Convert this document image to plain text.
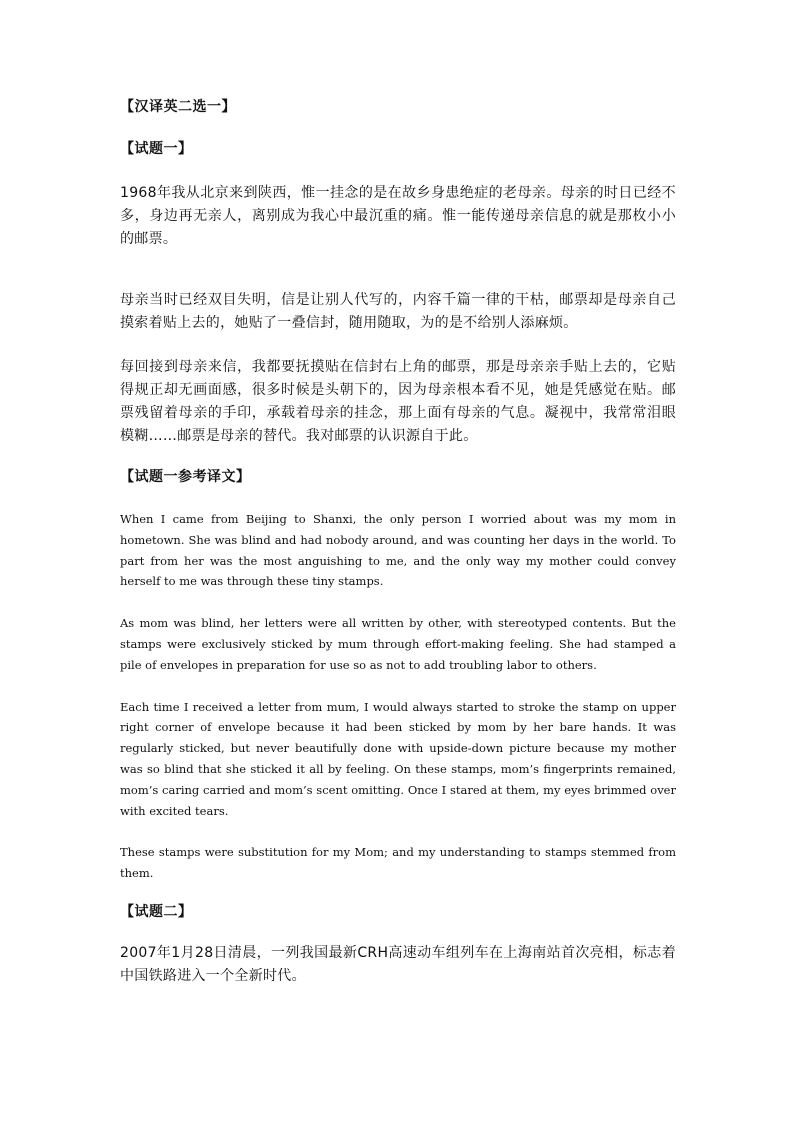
【汉译英二选一】

【试题一】

1968年我从北京来到陕西，惟一挂念的是在故乡身患绝症的老母亲。母亲的时日已经不多，身边再无亲人，离别成为我心中最沉重的痛。惟一能传递母亲信息的就是那枚小小的邮票。

母亲当时已经双目失明，信是让别人代写的，内容千篇一律的干枯，邮票却是母亲自己摸索着贴上去的，她贴了一叠信封，随用随取，为的是不给别人添麻烦。

每回接到母亲来信，我都要抚摸贴在信封右上角的邮票，那是母亲亲手贴上去的，它贴得规正却无画面感，很多时候是头朝下的，因为母亲根本看不见，她是凭感觉在贴。邮票残留着母亲的手印，承载着母亲的挂念，那上面有母亲的气息。凝视中，我常常泪眼模糊……邮票是母亲的替代。我对邮票的认识源自于此。

【试题一参考译文】

When I came from Beijing to Shanxi, the only person I worried about was my mom in hometown. She was blind and had nobody around, and was counting her days in the world. To part from her was the most anguishing to me, and the only way my mother could convey herself to me was through these tiny stamps.

As mom was blind, her letters were all written by other, with stereotyped contents. But the stamps were exclusively sticked by mum through effort-making feeling. She had stamped a pile of envelopes in preparation for use so as not to add troubling labor to others.

Each time I received a letter from mum, I would always started to stroke the stamp on upper right corner of envelope because it had been sticked by mom by her bare hands. It was regularly sticked, but never beautifully done with upside-down picture because my mother was so blind that she sticked it all by feeling. On these stamps, mom’s fingerprints remained, mom’s caring carried and mom’s scent omitting. Once I stared at them, my eyes brimmed over with excited tears.

These stamps were substitution for my Mom; and my understanding to stamps stemmed from them.

【试题二】

2007年1月28日清晨，一列我国最新CRH高速动车组列车在上海南站首次亮相，标志着中国铁路进入一个全新时代。
